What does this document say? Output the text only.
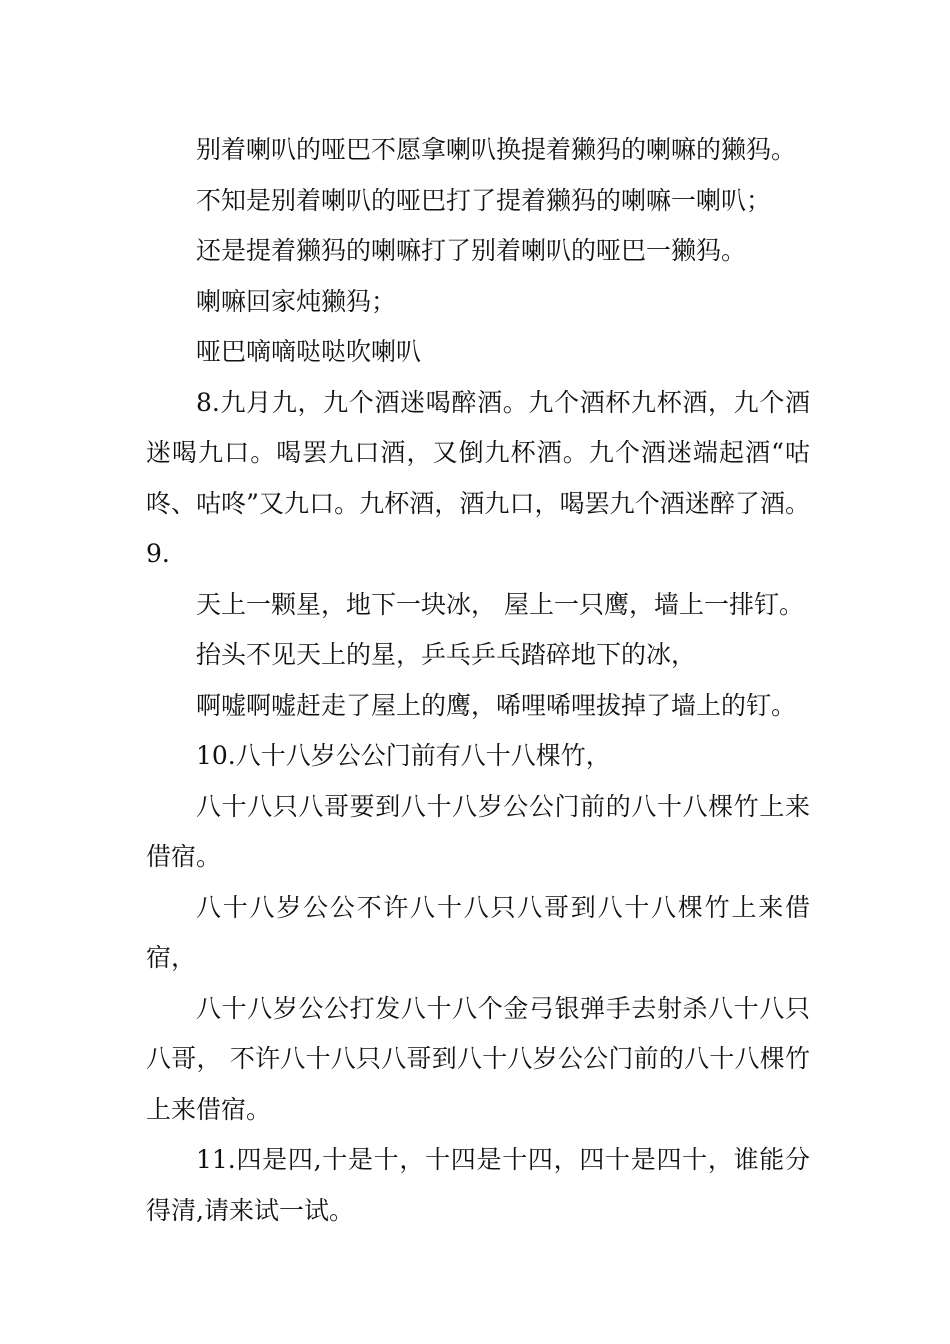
别着喇叭的哑巴不愿拿喇叭换提着獭犸的喇嘛的獭犸。

不知是别着喇叭的哑巴打了提着獭犸的喇嘛一喇叭；

还是提着獭犸的喇嘛打了别着喇叭的哑巴一獭犸。

喇嘛回家炖獭犸；

哑巴嘀嘀哒哒吹喇叭

8.九月九，九个酒迷喝醉酒。九个酒杯九杯酒，九个酒迷喝九口。喝罢九口酒，又倒九杯酒。九个酒迷端起酒“咕咚、咕咚”又九口。九杯酒，酒九口，喝罢九个酒迷醉了酒。 9.

天上一颗星，地下一块冰， 屋上一只鹰，墙上一排钉。

抬头不见天上的星，乒乓乒乓踏碎地下的冰，

啊嘘啊嘘赶走了屋上的鹰，唏哩唏哩拔掉了墙上的钉。

10.八十八岁公公门前有八十八棵竹，

八十八只八哥要到八十八岁公公门前的八十八棵竹上来借宿。

八十八岁公公不许八十八只八哥到八十八棵竹上来借宿，

八十八岁公公打发八十八个金弓银弹手去射杀八十八只八哥， 不许八十八只八哥到八十八岁公公门前的八十八棵竹上来借宿。

11.四是四,十是十，十四是十四，四十是四十，谁能分得清,请来试一试。
